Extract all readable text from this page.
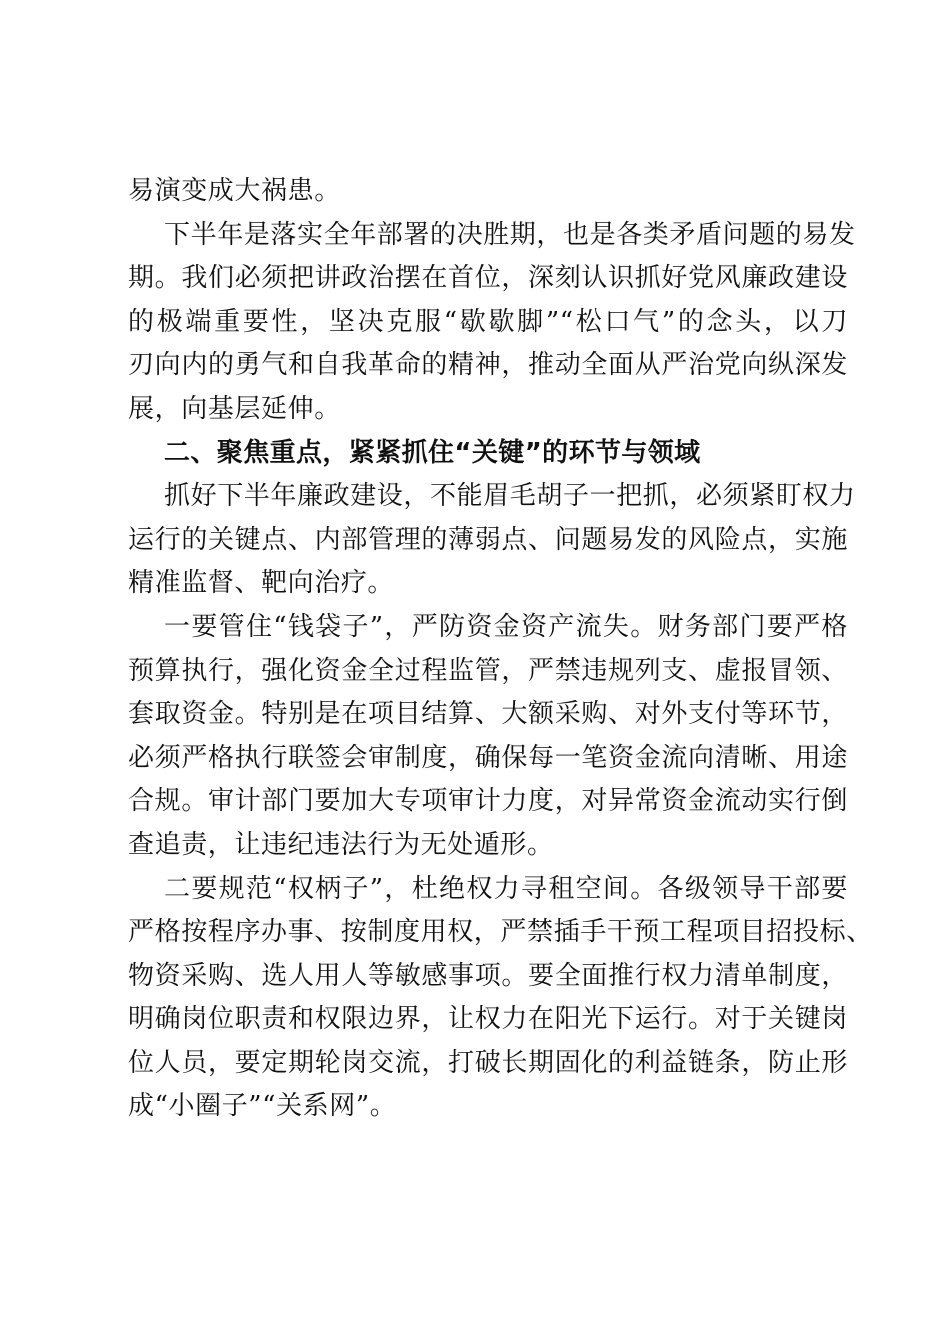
易演变成大祸患。
下半年是落实全年部署的决胜期，也是各类矛盾问题的易发
期。我们必须把讲政治摆在首位，深刻认识抓好党风廉政建设
的极端重要性，坚决克服“歇歇脚”“松口气”的念头，以刀
刃向内的勇气和自我革命的精神，推动全面从严治党向纵深发
展，向基层延伸。
二、聚焦重点，紧紧抓住“关键”的环节与领域
抓好下半年廉政建设，不能眉毛胡子一把抓，必须紧盯权力
运行的关键点、内部管理的薄弱点、问题易发的风险点，实施
精准监督、靶向治疗。
一要管住“钱袋子”，严防资金资产流失。财务部门要严格
预算执行，强化资金全过程监管，严禁违规列支、虚报冒领、
套取资金。特别是在项目结算、大额采购、对外支付等环节，
必须严格执行联签会审制度，确保每一笔资金流向清晰、用途
合规。审计部门要加大专项审计力度，对异常资金流动实行倒
查追责，让违纪违法行为无处遁形。
二要规范“权柄子”，杜绝权力寻租空间。各级领导干部要
严格按程序办事、按制度用权，严禁插手干预工程项目招投标、
物资采购、选人用人等敏感事项。要全面推行权力清单制度，
明确岗位职责和权限边界，让权力在阳光下运行。对于关键岗
位人员，要定期轮岗交流，打破长期固化的利益链条，防止形
成“小圈子”“关系网”。
